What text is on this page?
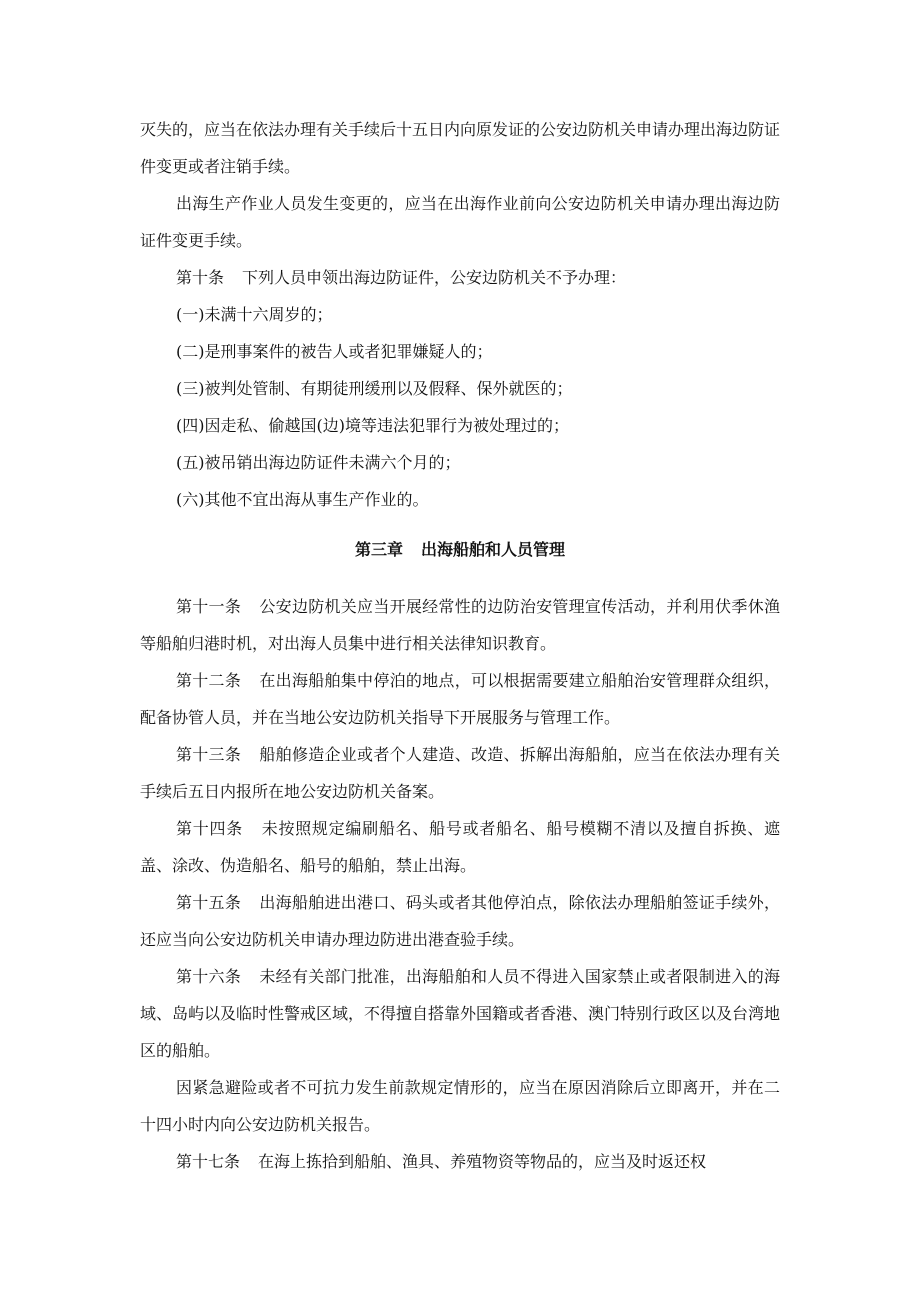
灭失的，应当在依法办理有关手续后十五日内向原发证的公安边防机关申请办理出海边防证件变更或者注销手续。

出海生产作业人员发生变更的，应当在出海作业前向公安边防机关申请办理出海边防证件变更手续。

第十条 下列人员申领出海边防证件，公安边防机关不予办理：

(一)未满十六周岁的；

(二)是刑事案件的被告人或者犯罪嫌疑人的；

(三)被判处管制、有期徒刑缓刑以及假释、保外就医的；

(四)因走私、偷越国(边)境等违法犯罪行为被处理过的；

(五)被吊销出海边防证件未满六个月的；

(六)其他不宜出海从事生产作业的。

第三章 出海船舶和人员管理

第十一条 公安边防机关应当开展经常性的边防治安管理宣传活动，并利用伏季休渔等船舶归港时机，对出海人员集中进行相关法律知识教育。

第十二条 在出海船舶集中停泊的地点，可以根据需要建立船舶治安管理群众组织，配备协管人员，并在当地公安边防机关指导下开展服务与管理工作。

第十三条 船舶修造企业或者个人建造、改造、拆解出海船舶，应当在依法办理有关手续后五日内报所在地公安边防机关备案。

第十四条 未按照规定编刷船名、船号或者船名、船号模糊不清以及擅自拆换、遮盖、涂改、伪造船名、船号的船舶，禁止出海。

第十五条 出海船舶进出港口、码头或者其他停泊点，除依法办理船舶签证手续外，还应当向公安边防机关申请办理边防进出港查验手续。

第十六条 未经有关部门批准，出海船舶和人员不得进入国家禁止或者限制进入的海域、岛屿以及临时性警戒区域，不得擅自搭靠外国籍或者香港、澳门特别行政区以及台湾地区的船舶。

因紧急避险或者不可抗力发生前款规定情形的，应当在原因消除后立即离开，并在二十四小时内向公安边防机关报告。

第十七条 在海上拣拾到船舶、渔具、养殖物资等物品的，应当及时返还权
